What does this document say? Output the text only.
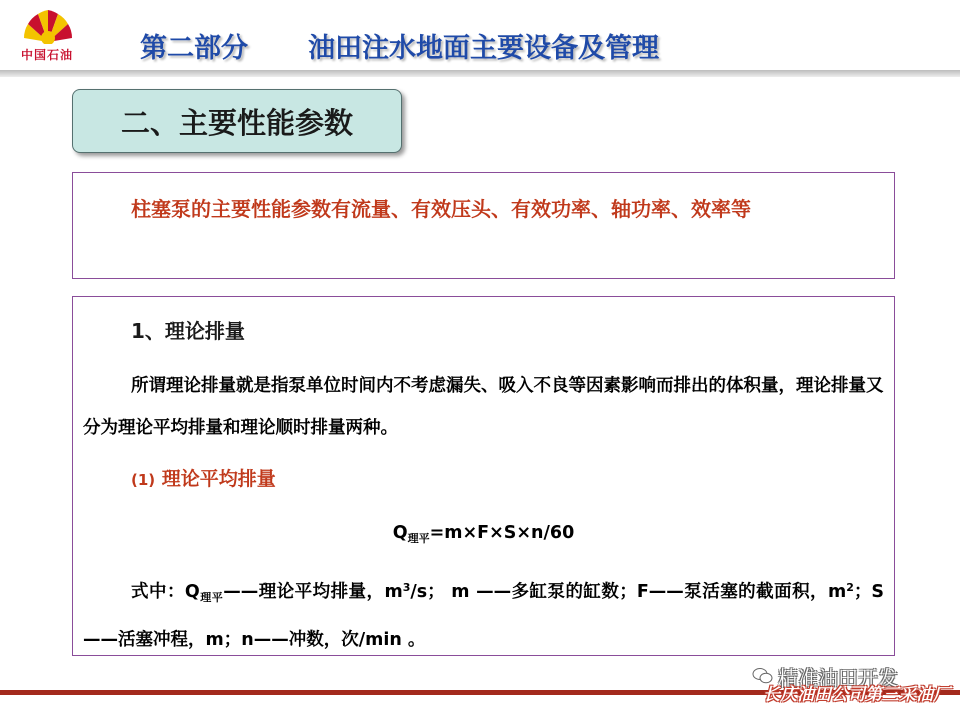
中国石油 第二部分 油田注水地面主要设备及管理
二、主要性能参数

柱塞泵的主要性能参数有流量、有效压头、有效功率、轴功率、效率等

1、理论排量

所谓理论排量就是指泵单位时间内不考虑漏失、吸入不良等因素影响而排出的体积量，理论排量又分为理论平均排量和理论顺时排量两种。

(1) 理论平均排量

$Q_{理平}=m\times F\times S\times n/60$

式中：$Q_{理平}——$理论平均排量，$m^3/s$； m ——多缸泵的缸数；F——泵活塞的截面积，$m^2$；S——活塞冲程，m；n——冲数，次/min 。

精准油田开发
长庆油田公司第三采油厂
